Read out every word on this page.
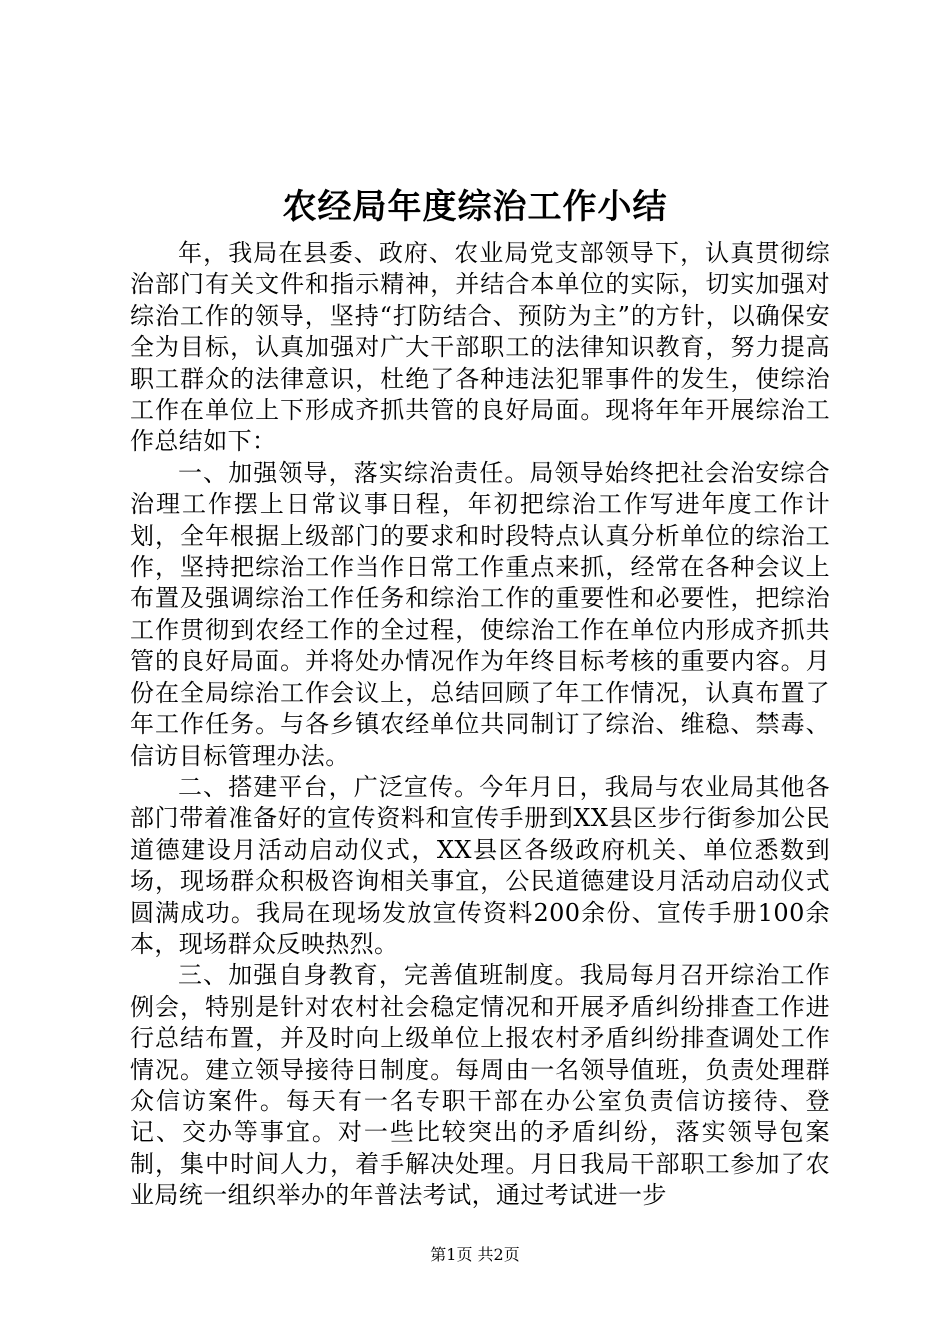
农经局年度综治工作小结

年，我局在县委、政府、农业局党支部领导下，认真贯彻综治部门有关文件和指示精神，并结合本单位的实际，切实加强对综治工作的领导，坚持“打防结合、预防为主”的方针，以确保安全为目标，认真加强对广大干部职工的法律知识教育，努力提高职工群众的法律意识，杜绝了各种违法犯罪事件的发生，使综治工作在单位上下形成齐抓共管的良好局面。现将年年开展综治工作总结如下：

一、加强领导，落实综治责任。局领导始终把社会治安综合治理工作摆上日常议事日程，年初把综治工作写进年度工作计划，全年根据上级部门的要求和时段特点认真分析单位的综治工作，坚持把综治工作当作日常工作重点来抓，经常在各种会议上布置及强调综治工作任务和综治工作的重要性和必要性，把综治工作贯彻到农经工作的全过程，使综治工作在单位内形成齐抓共管的良好局面。并将处办情况作为年终目标考核的重要内容。月份在全局综治工作会议上，总结回顾了年工作情况，认真布置了年工作任务。与各乡镇农经单位共同制订了综治、维稳、禁毒、信访目标管理办法。

二、搭建平台，广泛宣传。今年月日，我局与农业局其他各部门带着准备好的宣传资料和宣传手册到XX县区步行街参加公民道德建设月活动启动仪式，XX县区各级政府机关、单位悉数到场，现场群众积极咨询相关事宜，公民道德建设月活动启动仪式圆满成功。我局在现场发放宣传资料200余份、宣传手册100余本，现场群众反映热烈。

三、加强自身教育，完善值班制度。我局每月召开综治工作例会，特别是针对农村社会稳定情况和开展矛盾纠纷排查工作进行总结布置，并及时向上级单位上报农村矛盾纠纷排查调处工作情况。建立领导接待日制度。每周由一名领导值班，负责处理群众信访案件。每天有一名专职干部在办公室负责信访接待、登记、交办等事宜。对一些比较突出的矛盾纠纷，落实领导包案制，集中时间人力，着手解决处理。月日我局干部职工参加了农业局统一组织举办的年普法考试，通过考试进一步

第1页 共2页
